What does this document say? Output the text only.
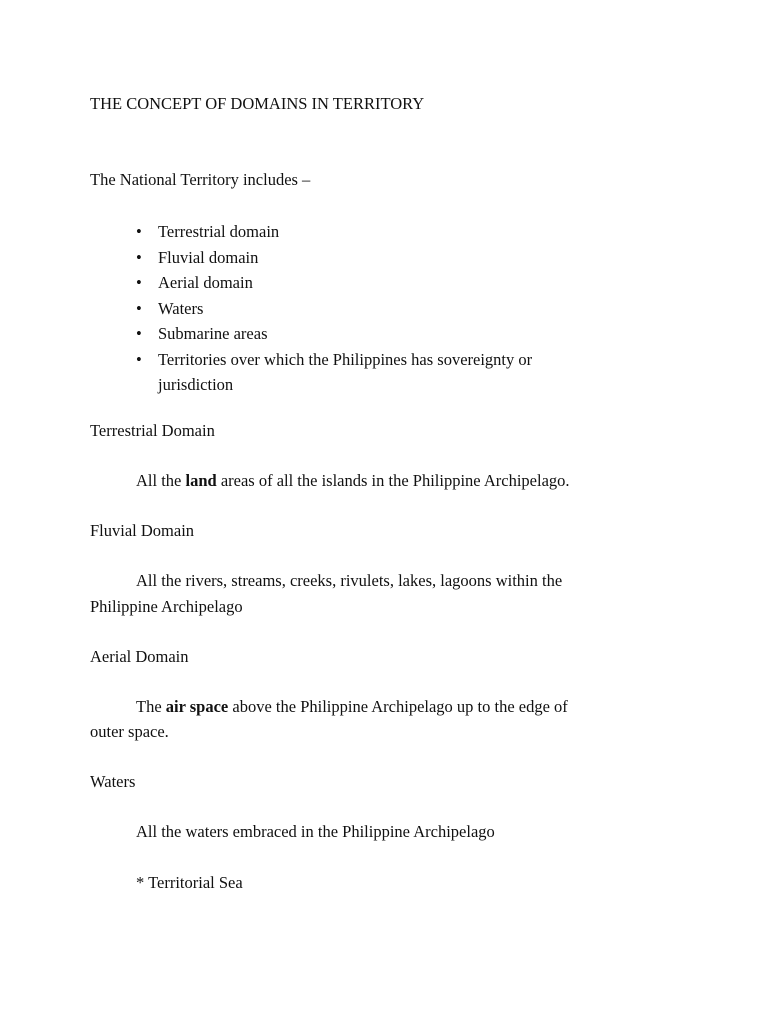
THE CONCEPT OF DOMAINS IN TERRITORY
The National Territory includes –
• Terrestrial domain
• Fluvial domain
• Aerial domain
• Waters
• Submarine areas
• Territories over which the Philippines has sovereignty or
jurisdiction
Terrestrial Domain
All the land areas of all the islands in the Philippine Archipelago.
Fluvial Domain
All the rivers, streams, creeks, rivulets, lakes, lagoons within the
Philippine Archipelago
Aerial Domain
The air space above the Philippine Archipelago up to the edge of
outer space.
Waters
All the waters embraced in the Philippine Archipelago
* Territorial Sea
